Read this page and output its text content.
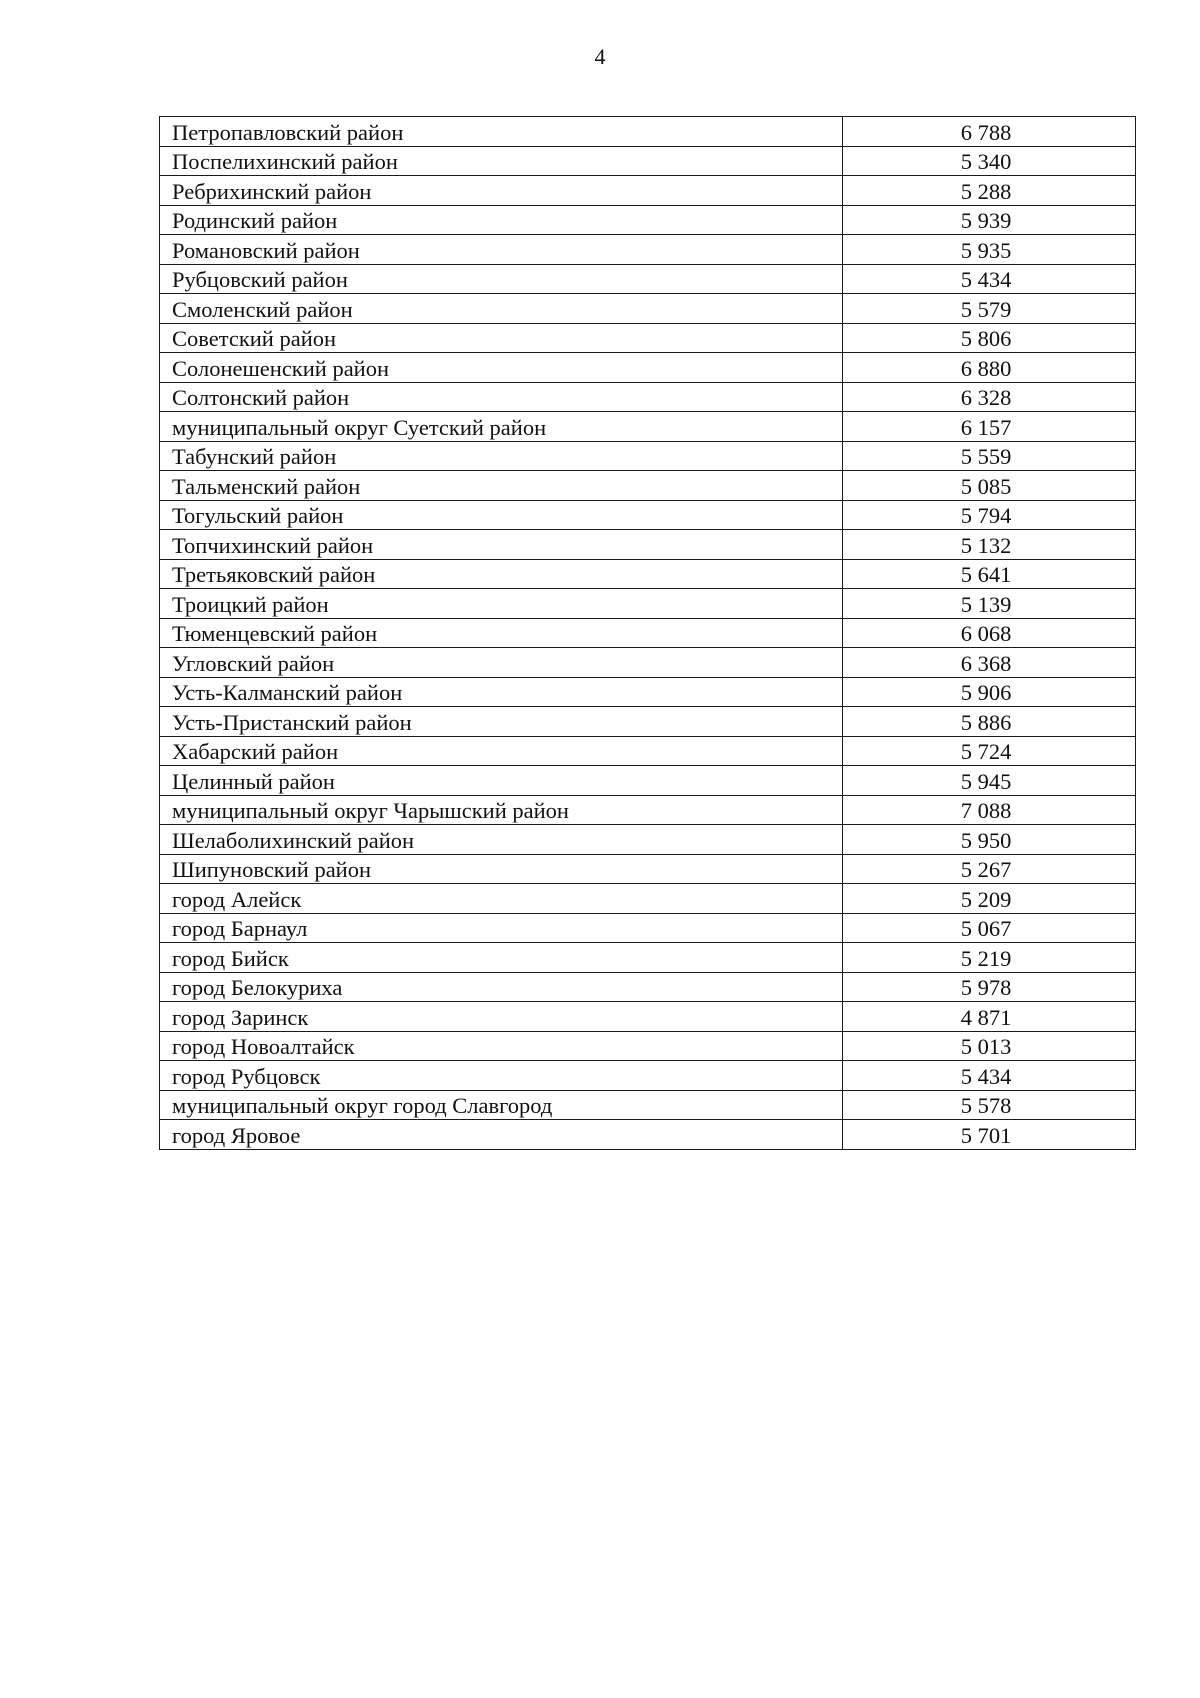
4
Петропавловский район	6 788
Поспелихинский район	5 340
Ребрихинский район	5 288
Родинский район	5 939
Романовский район	5 935
Рубцовский район	5 434
Смоленский район	5 579
Советский район	5 806
Солонешенский район	6 880
Солтонский район	6 328
муниципальный округ Суетский район	6 157
Табунский район	5 559
Тальменский район	5 085
Тогульский район	5 794
Топчихинский район	5 132
Третьяковский район	5 641
Троицкий район	5 139
Тюменцевский район	6 068
Угловский район	6 368
Усть-Калманский район	5 906
Усть-Пристанский район	5 886
Хабарский район	5 724
Целинный район	5 945
муниципальный округ Чарышский район	7 088
Шелаболихинский район	5 950
Шипуновский район	5 267
город Алейск	5 209
город Барнаул	5 067
город Бийск	5 219
город Белокуриха	5 978
город Заринск	4 871
город Новоалтайск	5 013
город Рубцовск	5 434
муниципальный округ город Славгород	5 578
город Яровое	5 701
